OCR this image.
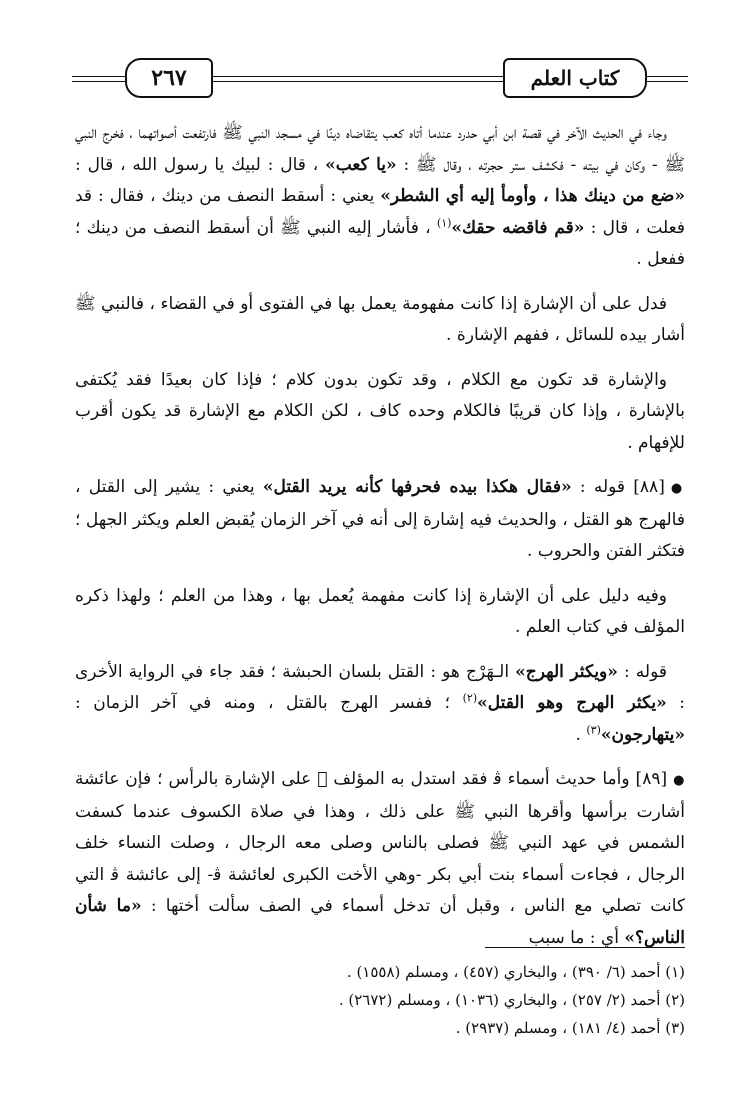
كتاب العلم
٢٦٧

وجاء في الحديث الآخر في قصة ابن أبي حدرد عندما أتاه كعب يتقاضاه دينًا في مسجد النبي ﷺ فارتفعت أصواتهما ، فخرج النبي ﷺ - وكان في بيته - فكشف ستر حجرته ، وقال ﷺ : «يا كعب» ، قال : لبيك يا رسول الله ، قال : «ضع من دينك هذا ، وأومأ إليه أي الشطر» يعني : أسقط النصف من دينك ، فقال : قد فعلت ، قال : «قم فاقضه حقك»$^{(١)}$ ، فأشار إليه النبي ﷺ أن أسقط النصف من دينك ؛ ففعل .

فدل على أن الإشارة إذا كانت مفهومة يعمل بها في الفتوى أو في القضاء ، فالنبي ﷺ أشار بيده للسائل ، ففهم الإشارة .

والإشارة قد تكون مع الكلام ، وقد تكون بدون كلام ؛ فإذا كان بعيدًا فقد يُكتفى بالإشارة ، وإذا كان قريبًا فالكلام وحده كاف ، لكن الكلام مع الإشارة قد يكون أقرب للإفهام .

●[٨٨] قوله : «فقال هكذا بيده فحرفها كأنه يريد القتل» يعني : يشير إلى القتل ، فالهرج هو القتل ، والحديث فيه إشارة إلى أنه في آخر الزمان يُقبض العلم ويكثر الجهل ؛ فتكثر الفتن والحروب .

وفيه دليل على أن الإشارة إذا كانت مفهمة يُعمل بها ، وهذا من العلم ؛ ولهذا ذكره المؤلف في كتاب العلم .

قوله : «ويكثر الهرج» الـهَرْج هو : القتل بلسان الحبشة ؛ فقد جاء في الرواية الأخرى : «يكثر الهرج وهو القتل»$^{(٢)}$ ؛ ففسر الهرج بالقتل ، ومنه في آخر الزمان : «يتهارجون»$^{(٣)}$ .

●[٨٩] وأما حديث أسماء ﭬ فقد استدل به المؤلف ﷬ على الإشارة بالرأس ؛ فإن عائشة أشارت برأسها وأقرها النبي ﷺ على ذلك ، وهذا في صلاة الكسوف عندما كسفت الشمس في عهد النبي ﷺ فصلى بالناس وصلى معه الرجال ، وصلت النساء خلف الرجال ، فجاءت أسماء بنت أبي بكر -وهي الأخت الكبرى لعائشة ﭬ- إلى عائشة ﭬ التي كانت تصلي مع الناس ، وقبل أن تدخل أسماء في الصف سألت أختها : «ما شأن الناس؟» أي : ما سبب

(١) أحمد (٦/ ٣٩٠) ، والبخاري (٤٥٧) ، ومسلم (١٥٥٨) .
(٢) أحمد (٢/ ٢٥٧) ، والبخاري (١٠٣٦) ، ومسلم (٢٦٧٢) .
(٣) أحمد (٤/ ١٨١) ، ومسلم (٢٩٣٧) .
